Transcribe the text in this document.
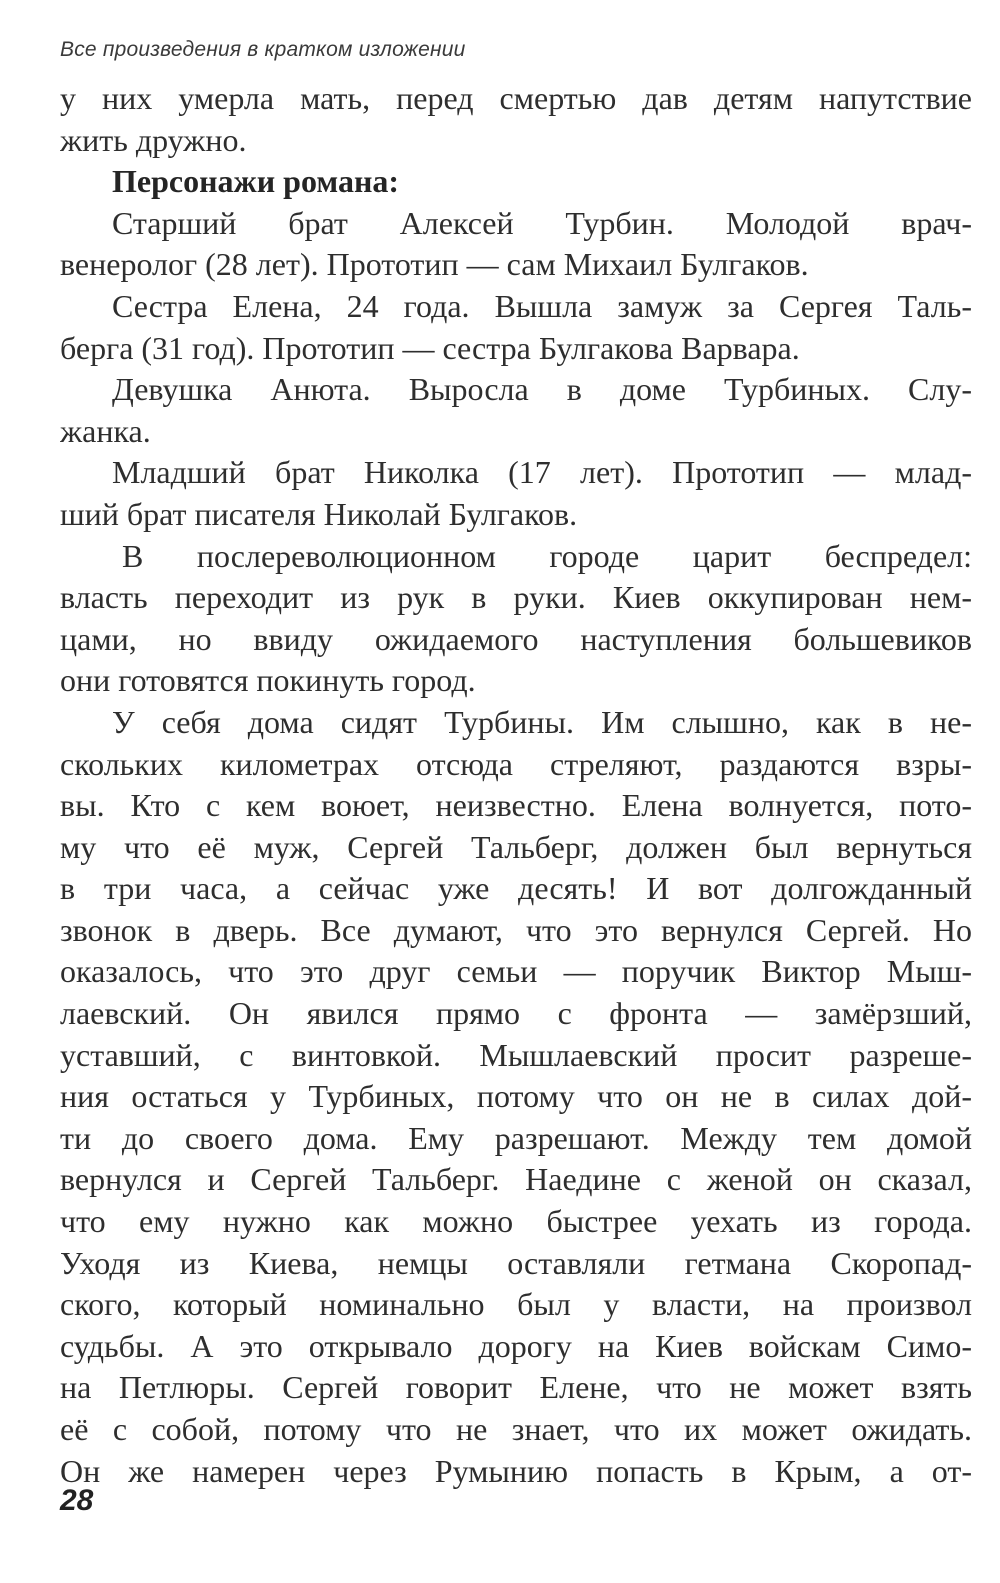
Все произведения в кратком изложении
у них умерла мать, перед смертью дав детям напутствие
жить дружно.
Персонажи романа:
Старший брат Алексей Турбин. Молодой врач-
венеролог (28 лет). Прототип — сам Михаил Булгаков.
Сестра Елена, 24 года. Вышла замуж за Сергея Таль-
берга (31 год). Прототип — сестра Булгакова Варвара.
Девушка Анюта. Выросла в доме Турбиных. Слу-
жанка.
Младший брат Николка (17 лет). Прототип — млад-
ший брат писателя Николай Булгаков.
В послереволюционном городе царит беспредел:
власть переходит из рук в руки. Киев оккупирован нем-
цами, но ввиду ожидаемого наступления большевиков
они готовятся покинуть город.
У себя дома сидят Турбины. Им слышно, как в не-
скольких километрах отсюда стреляют, раздаются взры-
вы. Кто с кем воюет, неизвестно. Елена волнуется, пото-
му что её муж, Сергей Тальберг, должен был вернуться
в три часа, а сейчас уже десять! И вот долгожданный
звонок в дверь. Все думают, что это вернулся Сергей. Но
оказалось, что это друг семьи — поручик Виктор Мыш-
лаевский. Он явился прямо с фронта — замёрзший,
уставший, с винтовкой. Мышлаевский просит разреше-
ния остаться у Турбиных, потому что он не в силах дой-
ти до своего дома. Ему разрешают. Между тем домой
вернулся и Сергей Тальберг. Наедине с женой он сказал,
что ему нужно как можно быстрее уехать из города.
Уходя из Киева, немцы оставляли гетмана Скоропад-
ского, который номинально был у власти, на произвол
судьбы. А это открывало дорогу на Киев войскам Симо-
на Петлюры. Сергей говорит Елене, что не может взять
её с собой, потому что не знает, что их может ожидать.
Он же намерен через Румынию попасть в Крым, а от-
28
